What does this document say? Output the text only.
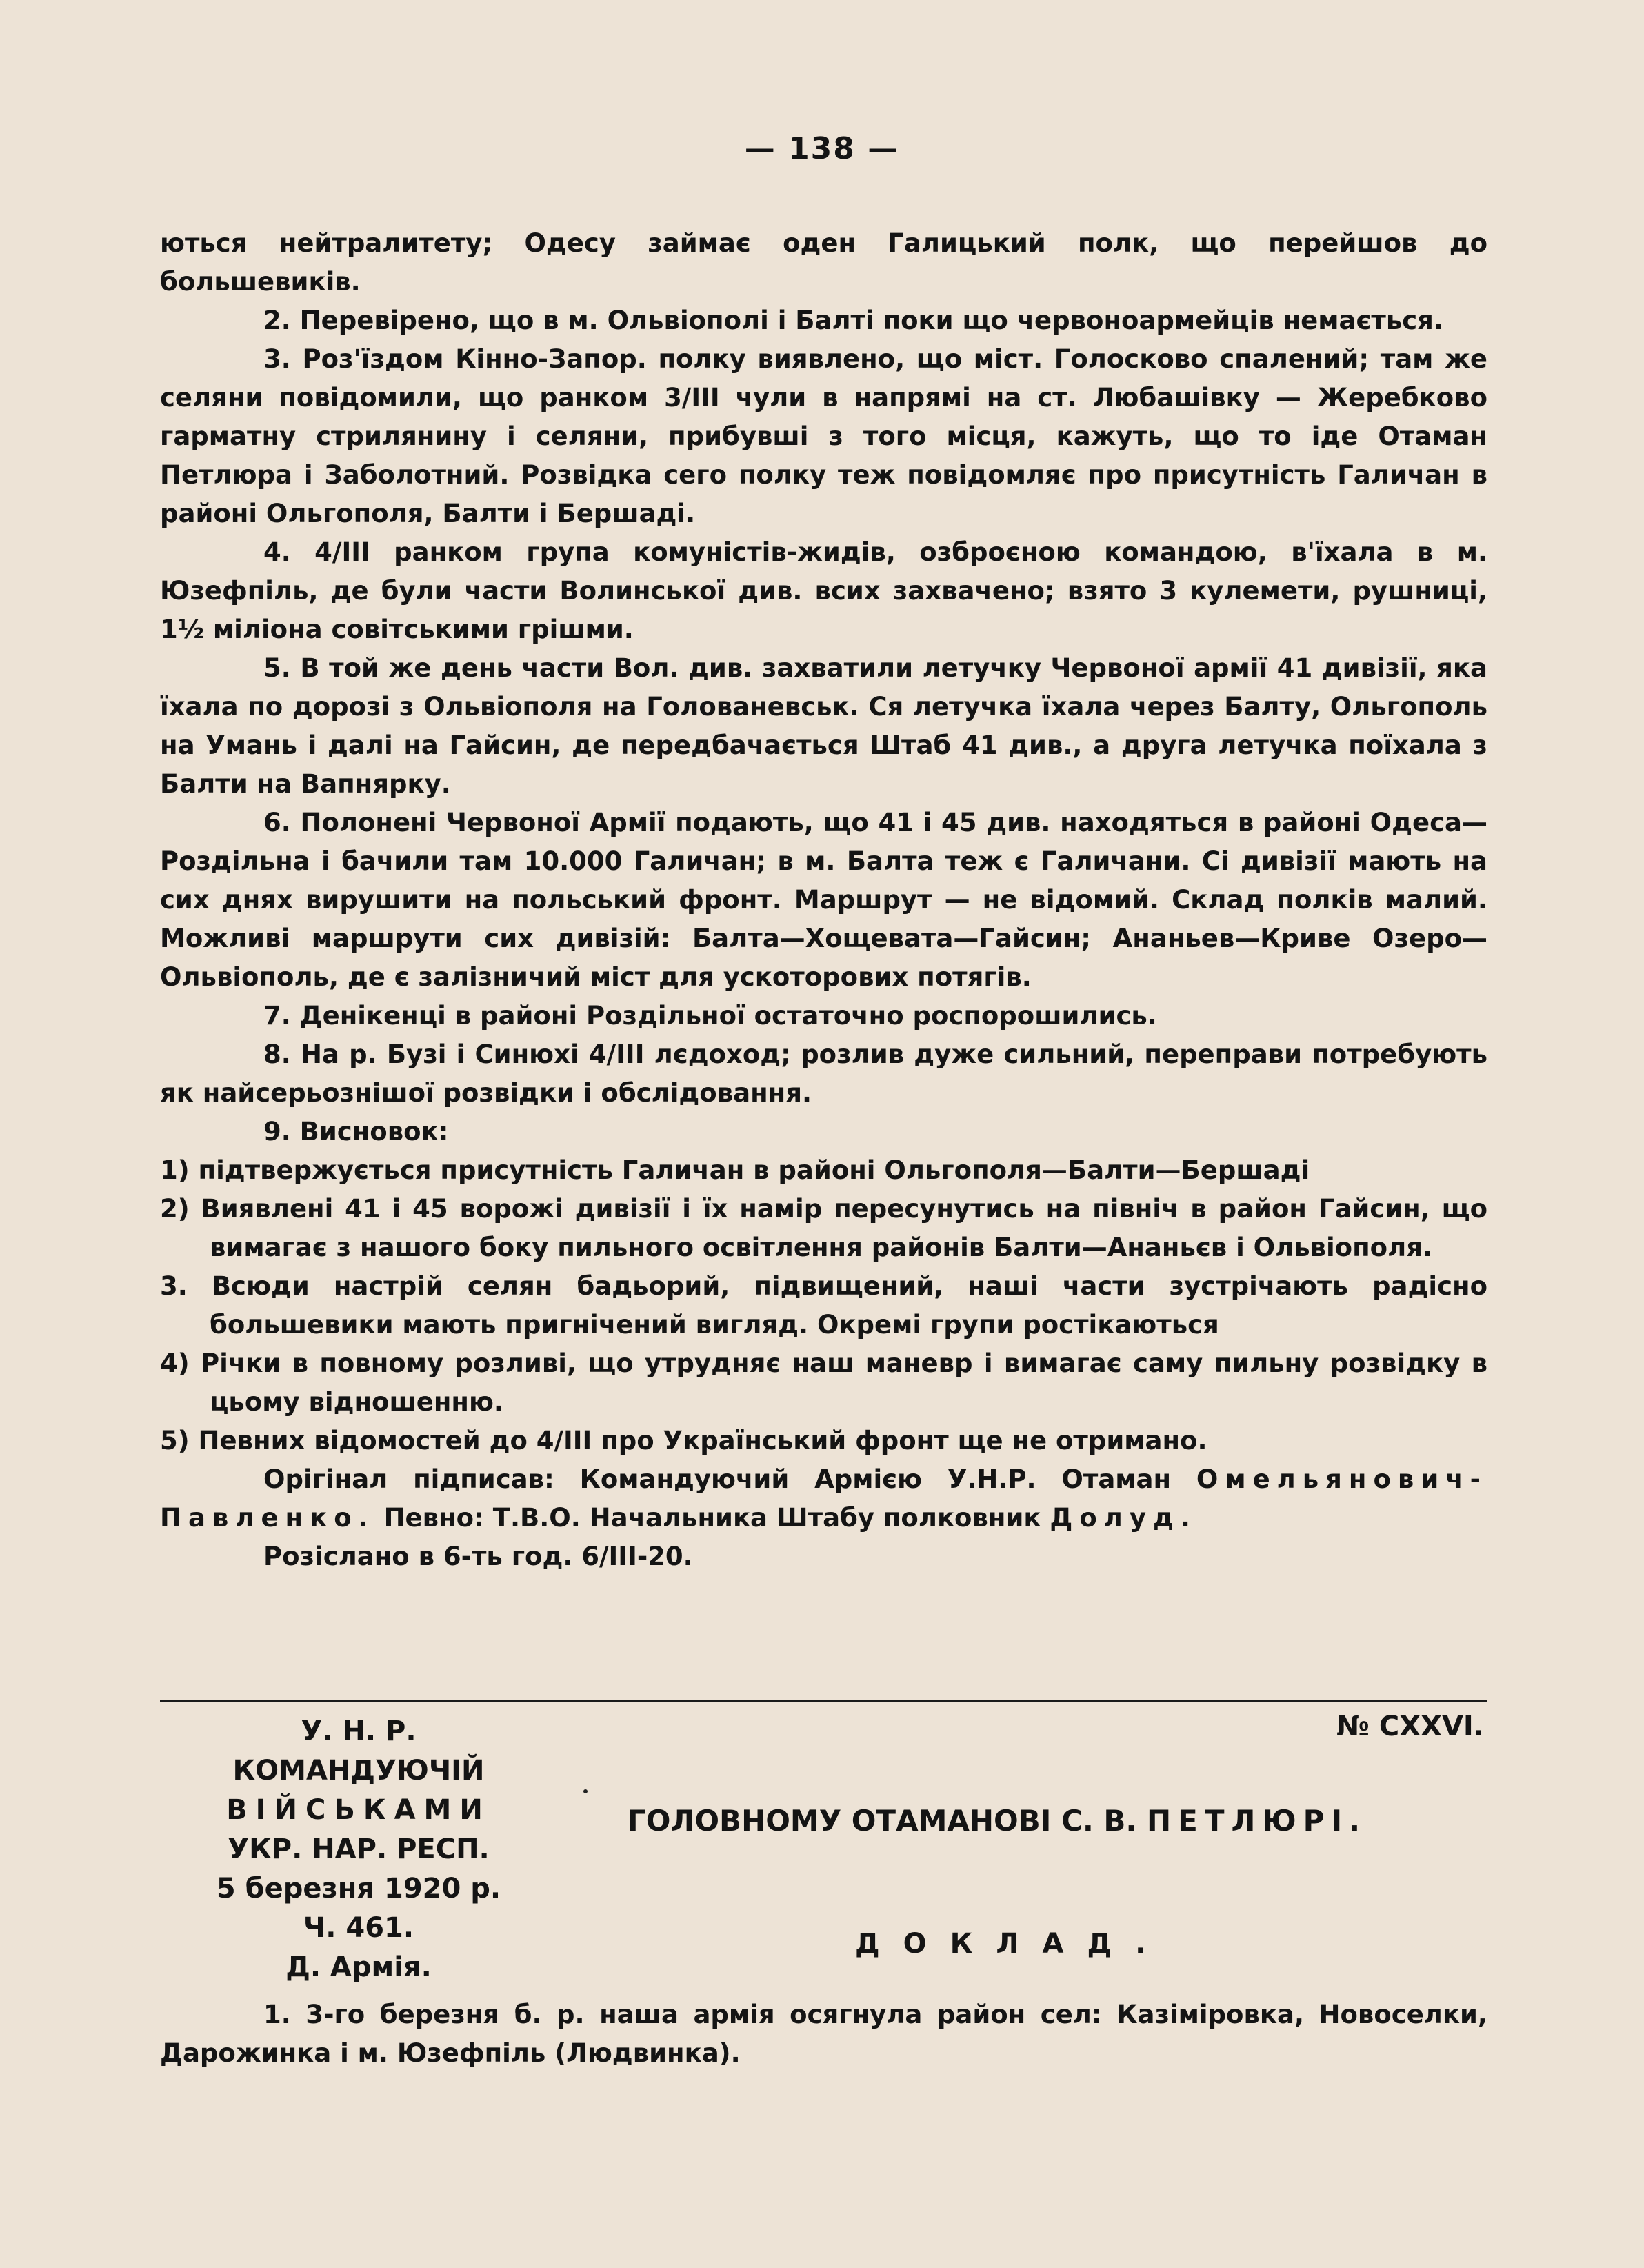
— 138 —

ються нейтралитету; Одесу займає оден Галицький полк, що перейшов до большевиків.

2. Перевірено, що в м. Ольвіополі і Балті поки що червоноармейців немається.

3. Роз'їздом Кінно-Запор. полку виявлено, що міст. Голосково спалений; там же селяни повідомили, що ранком 3/III чули в напрямі на ст. Любашівку — Жеребково гарматну стрилянину і селяни, прибувші з того місця, кажуть, що то іде Отаман Петлюра і Заболотний. Розвідка сего полку теж повідомляє про присутність Галичан в районі Ольгополя, Балти і Бершаді.

4. 4/III ранком група комуністів-жидів, озброєною командою, в'їхала в м. Юзефпіль, де були части Волинської див. всих захвачено; взято 3 кулемети, рушниці, 1½ міліона совітськими грішми.

5. В той же день части Вол. див. захватили летучку Червоної армії 41 дивізії, яка їхала по дорозі з Ольвіополя на Голованевськ. Ся летучка їхала через Балту, Ольгополь на Умань і далі на Гайсин, де передбачається Штаб 41 див., а друга летучка поїхала з Балти на Вапнярку.

6. Полонені Червоної Армії подають, що 41 і 45 див. находяться в районі Одеса—Роздільна і бачили там 10.000 Галичан; в м. Балта теж є Галичани. Сі дивізії мають на сих днях вирушити на польський фронт. Маршрут — не відомий. Склад полків малий. Можливі маршрути сих дивізій: Балта—Хощевата—Гайсин; Ананьев—Криве Озеро—Ольвіополь, де є залізничий міст для ускоторових потягів.

7. Денікенці в районі Роздільної остаточно роспорошились.

8. На р. Бузі і Синюхі 4/III лєдоход; розлив дуже сильний, переправи потребують як найсерьознішої розвідки і обслідовання.

9. Висновок:

1) підтвержується присутність Галичан в районі Ольгополя—Балти—Бершаді

2) Виявлені 41 і 45 ворожі дивізії і їх намір пересунутись на північ в район Гайсин, що вимагає з нашого боку пильного освітлення районів Балти—Ананьєв і Ольвіополя.

3. Всюди настрій селян бадьорий, підвищений, наші части зустрічають радісно большевики мають пригнічений вигляд. Окремі групи ростікаються

4) Річки в повному розливі, що утрудняє наш маневр і вимагає саму пильну розвідку в цьому відношенню.

5) Певних відомостей до 4/III про Український фронт ще не отримано.

Орігінал підписав: Командуючий Армією У.Н.Р. Отаман Омельянович-Павленко. Певно: Т.В.О. Начальника Штабу полковник Долуд.

Розіслано в 6-ть год. 6/III-20.

У. Н. Р.
КОМАНДУЮЧІЙ
ВІЙСЬКАМИ
УКР. НАР. РЕСП.
5 березня 1920 р.
Ч. 461.
Д. Армія.
№ CXXVI.
ГОЛОВНОМУ ОТАМАНОВІ С. В. ПЕТЛЮРІ.
ДОКЛАД.

1. 3-го березня б. р. наша армія осягнула район сел: Казіміровка, Новоселки, Дарожинка і м. Юзефпіль (Людвинка).
